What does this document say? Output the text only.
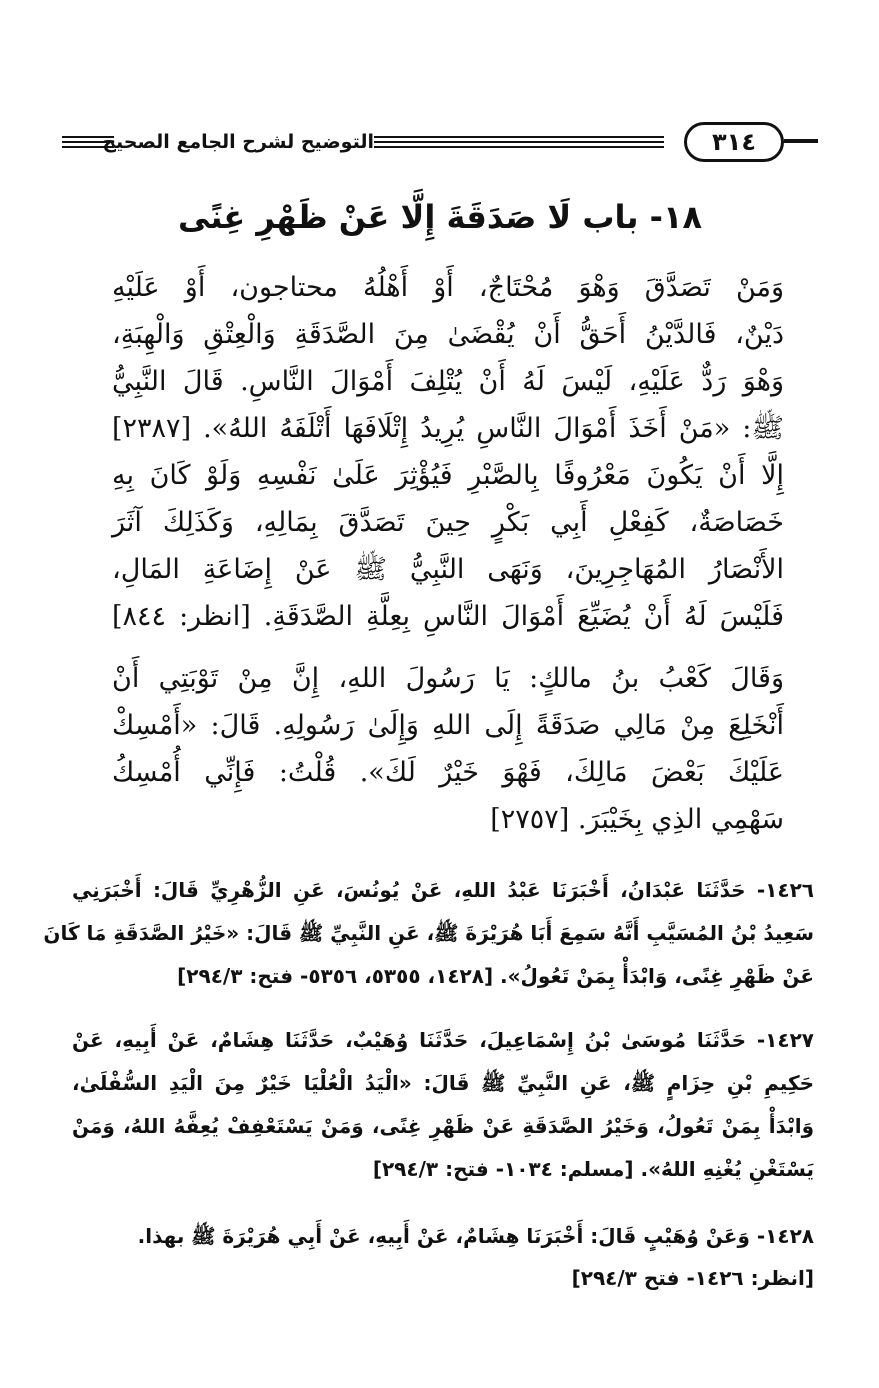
التوضيح لشرح الجامع الصحيح	٣١٤
١٨- باب لَا صَدَقَةَ إِلَّا عَنْ ظَهْرِ غِنًى
وَمَنْ تَصَدَّقَ وَهْوَ مُحْتَاجٌ، أَوْ أَهْلُهُ محتاجون، أَوْ عَلَيْهِ
دَيْنٌ، فَالدَّيْنُ أَحَقُّ أَنْ يُقْضَىٰ مِنَ الصَّدَقَةِ وَالْعِتْقِ وَالْهِبَةِ،
وَهْوَ رَدٌّ عَلَيْهِ، لَيْسَ لَهُ أَنْ يُتْلِفَ أَمْوَالَ النَّاسِ. قَالَ النَّبِيُّ
ﷺ: «مَنْ أَخَذَ أَمْوَالَ النَّاسِ يُرِيدُ إِتْلَافَهَا أَتْلَفَهُ اللهُ». [٢٣٨٧]
إِلَّا أَنْ يَكُونَ مَعْرُوفًا بِالصَّبْرِ فَيُؤْثِرَ عَلَىٰ نَفْسِهِ وَلَوْ كَانَ بِهِ
خَصَاصَةٌ، كَفِعْلِ أَبِي بَكْرٍ حِينَ تَصَدَّقَ بِمَالِهِ، وَكَذَلِكَ آثَرَ
الأَنْصَارُ المُهَاجِرِينَ، وَنَهَى النَّبِيُّ ﷺ عَنْ إِضَاعَةِ المَالِ،
فَلَيْسَ لَهُ أَنْ يُضَيِّعَ أَمْوَالَ النَّاسِ بِعِلَّةِ الصَّدَقَةِ. [انظر: ٨٤٤]
وَقَالَ كَعْبُ بنُ مالكٍ: يَا رَسُولَ اللهِ، إِنَّ مِنْ تَوْبَتِي أَنْ
أَنْخَلِعَ مِنْ مَالِي صَدَقَةً إِلَى اللهِ وَإِلَىٰ رَسُولِهِ. قَالَ: «أَمْسِكْ
عَلَيْكَ بَعْضَ مَالِكَ، فَهْوَ خَيْرٌ لَكَ». قُلْتُ: فَإِنِّي أُمْسِكُ
سَهْمِي الذِي بِخَيْبَرَ. [٢٧٥٧]
١٤٢٦- حَدَّثَنَا عَبْدَانُ، أَخْبَرَنَا عَبْدُ اللهِ، عَنْ يُونُسَ، عَنِ الزُّهْرِيِّ قَالَ: أَخْبَرَنِي
سَعِيدُ بْنُ المُسَيَّبِ أَنَّهُ سَمِعَ أَبَا هُرَيْرَةَ ﷺ، عَنِ النَّبِيِّ ﷺ قَالَ: «خَيْرُ الصَّدَقَةِ مَا كَانَ
عَنْ ظَهْرِ غِنًى، وَابْدَأْ بِمَنْ تَعُولُ». [١٤٢٨، ٥٣٥٥، ٥٣٥٦- فتح: ٢٩٤/٣]
١٤٢٧- حَدَّثَنَا مُوسَىٰ بْنُ إِسْمَاعِيلَ، حَدَّثَنَا وُهَيْبٌ، حَدَّثَنَا هِشَامٌ، عَنْ أَبِيهِ، عَنْ
حَكِيمِ بْنِ حِزَامٍ ﷺ، عَنِ النَّبِيِّ ﷺ قَالَ: «الْيَدُ الْعُلْيَا خَيْرٌ مِنَ الْيَدِ السُّفْلَىٰ،
وَابْدَأْ بِمَنْ تَعُولُ، وَخَيْرُ الصَّدَقَةِ عَنْ ظَهْرِ غِنًى، وَمَنْ يَسْتَعْفِفْ يُعِفَّهُ اللهُ، وَمَنْ
يَسْتَغْنِ يُغْنِهِ اللهُ». [مسلم: ١٠٣٤- فتح: ٢٩٤/٣]
١٤٢٨- وَعَنْ وُهَيْبٍ قَالَ: أَخْبَرَنَا هِشَامٌ، عَنْ أَبِيهِ، عَنْ أَبِي هُرَيْرَةَ ﷺ بهذا.
[انظر: ١٤٢٦- فتح ٢٩٤/٣]
